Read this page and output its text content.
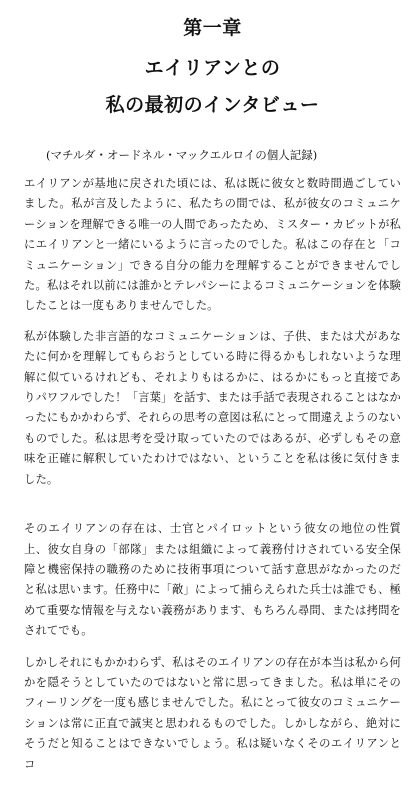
第一章
エイリアンとの
私の最初のインタビュー

(マチルダ・オードネル・マックエルロイの個人記録)

エイリアンが基地に戻された頃には、私は既に彼女と数時間過ごしていました。私が言及したように、私たちの間では、私が彼女のコミュニケーションを理解できる唯一の人間であったため、ミスター・カビットが私にエイリアンと一緒にいるように言ったのでした。私はこの存在と「コミュニケーション」できる自分の能力を理解することができませんでした。私はそれ以前には誰かとテレパシーによるコミュニケーションを体験したことは一度もありませんでした。

私が体験した非言語的なコミュニケーションは、子供、または犬があなたに何かを理解してもらおうとしている時に得るかもしれないような理解に似ているけれども、それよりもはるかに、はるかにもっと直接でありパワフルでした！「言葉」を話す、または手話で表現されることはなかったにもかかわらず、それらの思考の意図は私にとって間違えようのないものでした。私は思考を受け取っていたのではあるが、必ずしもその意味を正確に解釈していたわけではない、ということを私は後に気付きました。

そのエイリアンの存在は、士官とパイロットという彼女の地位の性質上、彼女自身の「部隊」または組織によって義務付けされている安全保障と機密保持の職務のために技術事項について話す意思がなかったのだと私は思います。任務中に「敵」によって捕らえられた兵士は誰でも、極めて重要な情報を与えない義務があります、もちろん尋問、または拷問をされてでも。

しかしそれにもかかわらず、私はそのエイリアンの存在が本当は私から何かを隠そうとしていたのではないと常に思ってきました。私は単にそのフィーリングを一度も感じませんでした。私にとって彼女のコミュニケーションは常に正直で誠実と思われるものでした。しかしながら、絶対にそうだと知ることはできないでしょう。私は疑いなくそのエイリアンとコ
